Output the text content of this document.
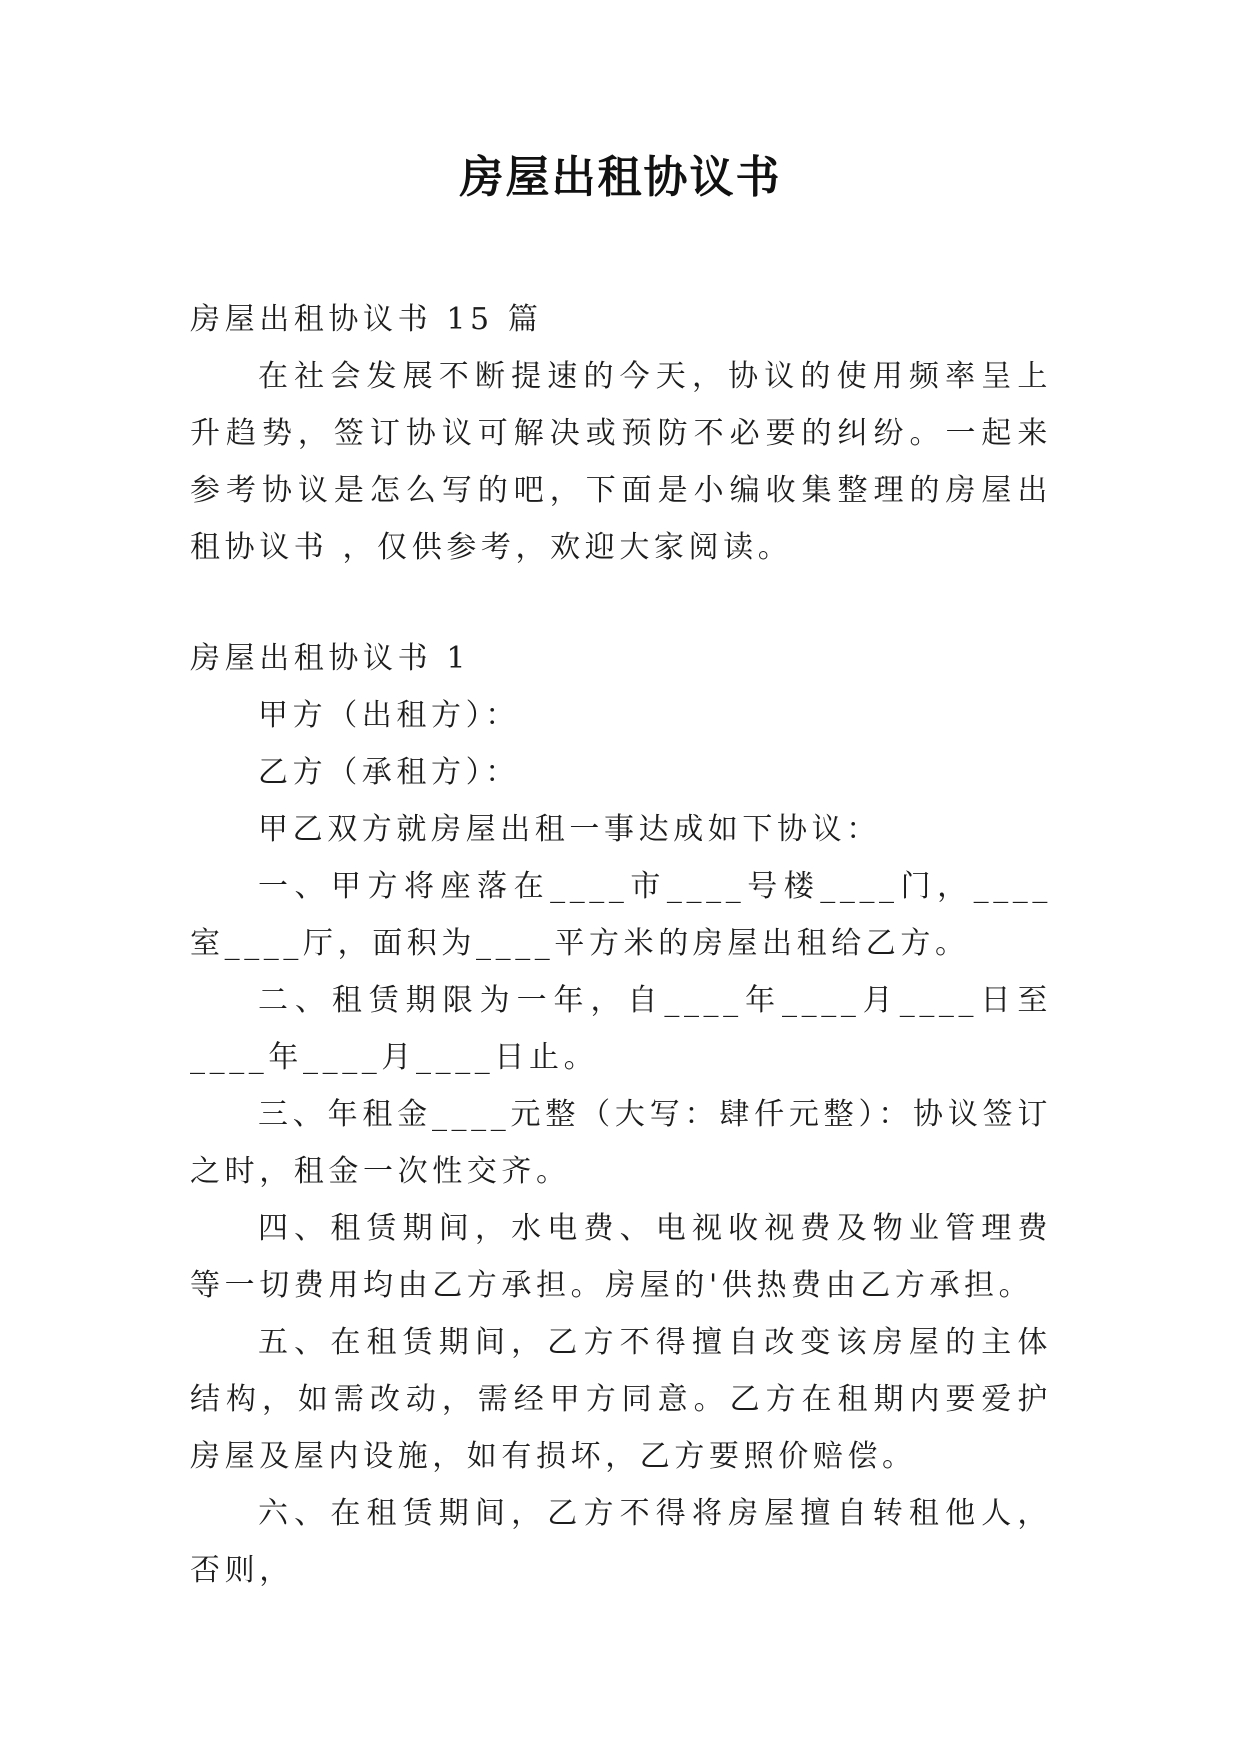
房屋出租协议书

房屋出租协议书 15 篇

在社会发展不断提速的今天，协议的使用频率呈上升趋势，签订协议可解决或预防不必要的纠纷。一起来参考协议是怎么写的吧，下面是小编收集整理的房屋出租协议书 ，仅供参考，欢迎大家阅读。

房屋出租协议书 1

甲方（出租方）：

乙方（承租方）：

甲乙双方就房屋出租一事达成如下协议：

一、甲方将座落在____市____号楼____门，____室____厅，面积为____平方米的房屋出租给乙方。

二、租赁期限为一年，自____年____月____日至____年____月____日止。

三、年租金____元整（大写：肆仟元整）：协议签订之时，租金一次性交齐。

四、租赁期间，水电费、电视收视费及物业管理费等一切费用均由乙方承担。房屋的'供热费由乙方承担。

五、在租赁期间，乙方不得擅自改变该房屋的主体结构，如需改动，需经甲方同意。乙方在租期内要爱护房屋及屋内设施，如有损坏，乙方要照价赔偿。

六、在租赁期间，乙方不得将房屋擅自转租他人，否则，
